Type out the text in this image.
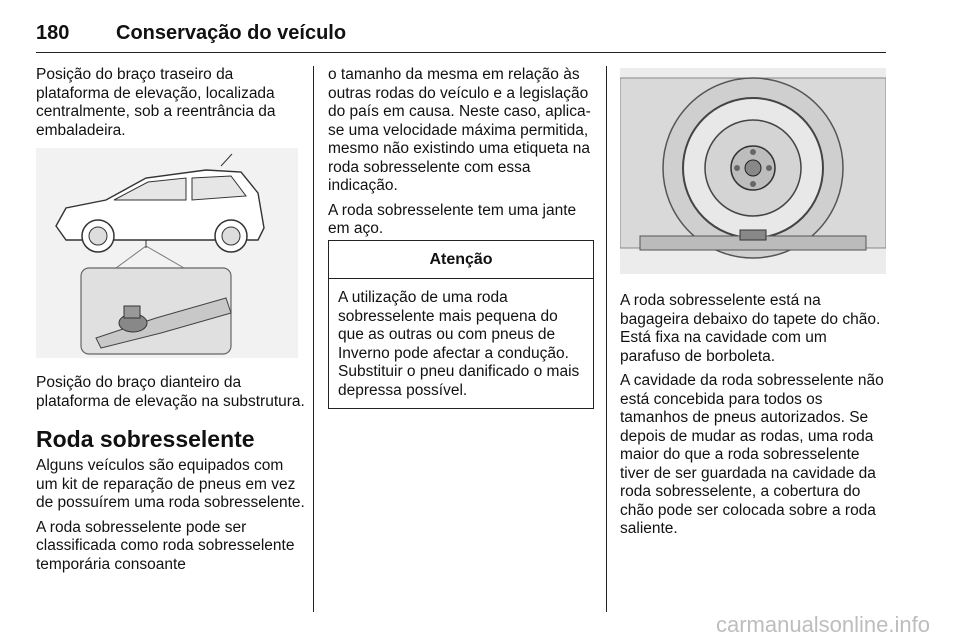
180 Conservação do veículo

Posição do braço traseiro da plataforma de elevação, localizada centralmente, sob a reentrância da embaladeira.

Posição do braço dianteiro da plataforma de elevação na substrutura.

Roda sobresselente

Alguns veículos são equipados com um kit de reparação de pneus em vez de possuírem uma roda sobresselente.

A roda sobresselente pode ser classificada como roda sobresselente temporária consoante

o tamanho da mesma em relação às outras rodas do veículo e a legislação do país em causa. Neste caso, aplica-se uma velocidade máxima permitida, mesmo não existindo uma etiqueta na roda sobresselente com essa indicação.

A roda sobresselente tem uma jante em aço.

Atenção
A utilização de uma roda sobresselente mais pequena do que as outras ou com pneus de Inverno pode afectar a condução. Substituir o pneu danificado o mais depressa possível.

A roda sobresselente está na bagageira debaixo do tapete do chão. Está fixa na cavidade com um parafuso de borboleta.

A cavidade da roda sobresselente não está concebida para todos os tamanhos de pneus autorizados. Se depois de mudar as rodas, uma roda maior do que a roda sobresselente tiver de ser guardada na cavidade da roda sobresselente, a cobertura do chão pode ser colocada sobre a roda saliente.

carmanualsonline.info
